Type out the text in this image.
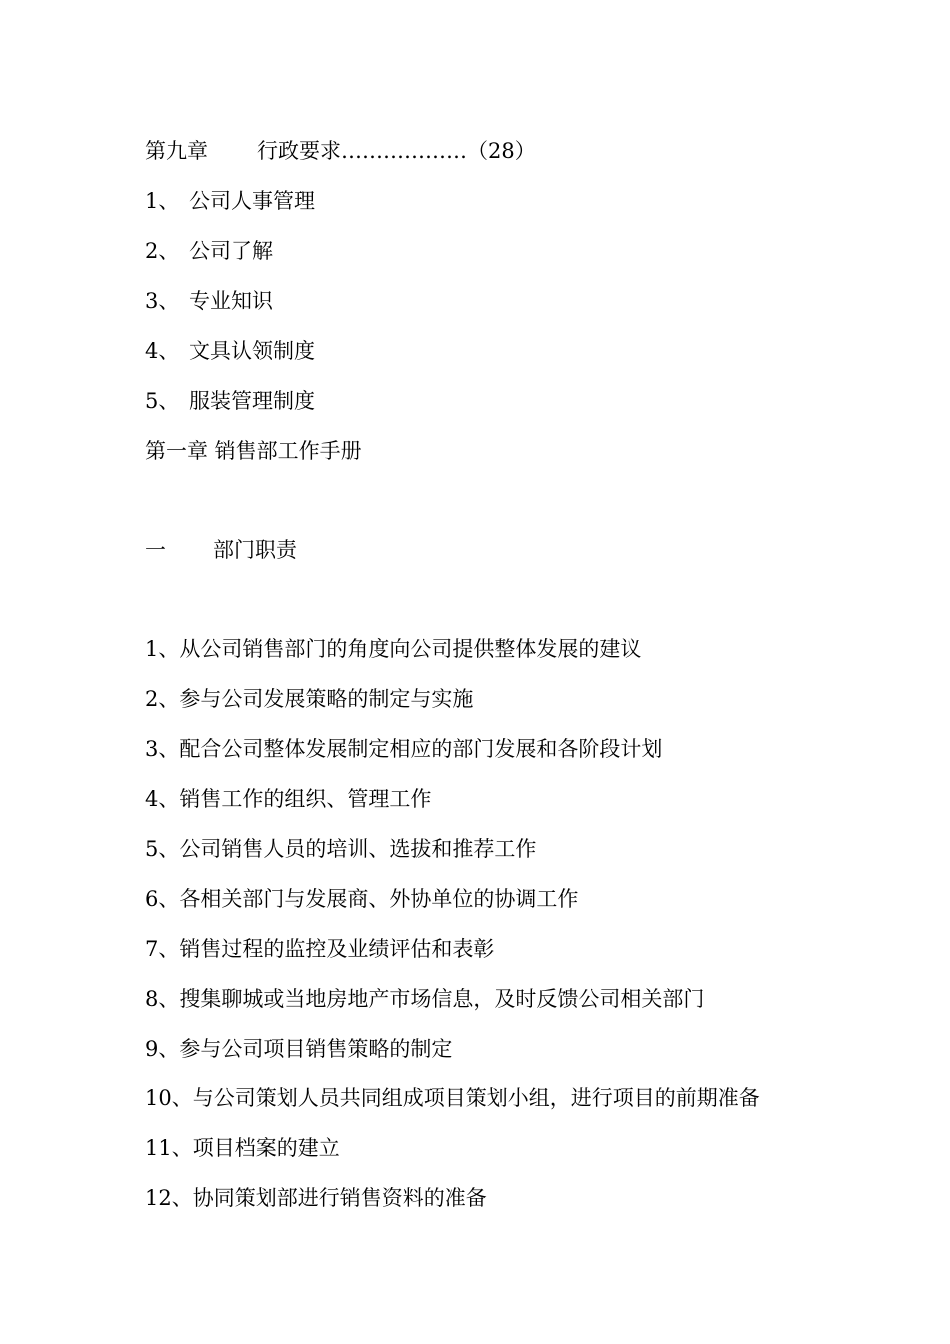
第九章 行政要求………………（28）
1、 公司人事管理
2、 公司了解
3、 专业知识
4、 文具认领制度
5、 服装管理制度
第一章 销售部工作手册
一 部门职责
1、从公司销售部门的角度向公司提供整体发展的建议
2、参与公司发展策略的制定与实施
3、配合公司整体发展制定相应的部门发展和各阶段计划
4、销售工作的组织、管理工作
5、公司销售人员的培训、选拔和推荐工作
6、各相关部门与发展商、外协单位的协调工作
7、销售过程的监控及业绩评估和表彰
8、搜集聊城或当地房地产市场信息，及时反馈公司相关部门
9、参与公司项目销售策略的制定
10、与公司策划人员共同组成项目策划小组，进行项目的前期准备
11、项目档案的建立
12、协同策划部进行销售资料的准备
